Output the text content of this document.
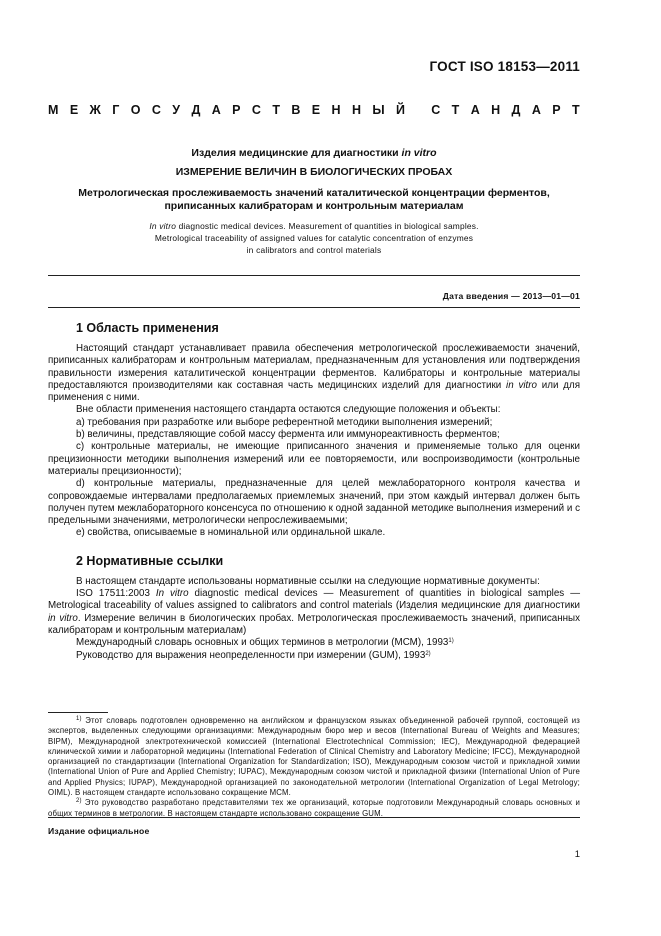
ГОСТ ISO 18153—2011
М Е Ж Г О С У Д А Р С Т В Е Н Н Ы Й
С Т А Н Д А Р Т

Изделия медицинские для диагностики in vitro

ИЗМЕРЕНИЕ ВЕЛИЧИН В БИОЛОГИЧЕСКИХ ПРОБАХ

Метрологическая прослеживаемость значений каталитической концентрации ферментов,
приписанных калибраторам и контрольным материалам

In vitro diagnostic medical devices. Measurement of quantities in biological samples.

Metrological traceability of assigned values for catalytic concentration of enzymes

in calibrators and control materials

Дата введения — 2013—01—01
1 Область применения

Настоящий стандарт устанавливает правила обеспечения метрологической прослеживаемости значений, приписанных калибраторам и контрольным материалам, предназначенным для установления или подтверждения правильности измерения каталитической концентрации ферментов. Калибраторы и контрольные материалы предоставляются производителями как составная часть медицинских изделий для диагностики in vitro или для применения с ними.

Вне области применения настоящего стандарта остаются следующие положения и объекты:

а) требования при разработке или выборе референтной методики выполнения измерений;

b) величины, представляющие собой массу фермента или иммунореактивность ферментов;

с) контрольные материалы, не имеющие приписанного значения и применяемые только для оценки прецизионности методики выполнения измерений или ее повторяемости, или воспроизводимости (контрольные материалы прецизионности);

d) контрольные материалы, предназначенные для целей межлабораторного контроля качества и сопровождаемые интервалами предполагаемых приемлемых значений, при этом каждый интервал должен быть получен путем межлабораторного консенсуса по отношению к одной заданной методике выполнения измерений и с предельными значениями, метрологически непрослеживаемыми;

е) свойства, описываемые в номинальной или ординальной шкале.

2 Нормативные ссылки

В настоящем стандарте использованы нормативные ссылки на следующие нормативные документы:

ISO 17511:2003 In vitro diagnostic medical devices — Measurement of quantities in biological samples — Metrological traceability of values assigned to calibrators and control materials (Изделия медицинские для диагностики in vitro. Измерение величин в биологических пробах. Метрологическая прослеживаемость значений, приписанных калибраторам и контрольным материалам)

Международный словарь основных и общих терминов в метрологии (МСМ), 1993$^{1)}$

Руководство для выражения неопределенности при измерении (GUM), 1993$^{2)}$

$^{1)}$ Этот словарь подготовлен одновременно на английском и французском языках объединенной рабочей группой, состоящей из экспертов, выделенных следующими организациями: Международным бюро мер и весов (International Bureau of Weights and Measures; BIPM), Международной электротехнической комиссией (International Electrotechnical Commission; IEC), Международной федерацией клинической химии и лабораторной медицины (International Federation of Clinical Chemistry and Laboratory Medicine; IFCC), Международной организацией по стандартизации (International Organization for Standardization; ISO), Международным союзом чистой и прикладной химии (International Union of Pure and Applied Chemistry; IUPAC), Международным союзом чистой и прикладной физики (International Union of Pure and Applied Physics; IUPAP), Международной организацией по законодательной метрологии (International Organization of Legal Metrology; OIML). В настоящем стандарте использовано сокращение МСМ.

$^{2)}$ Это руководство разработано представителями тех же организаций, которые подготовили Международный словарь основных и общих терминов в метрологии. В настоящем стандарте использовано сокращение GUM.

Издание официальное
1
